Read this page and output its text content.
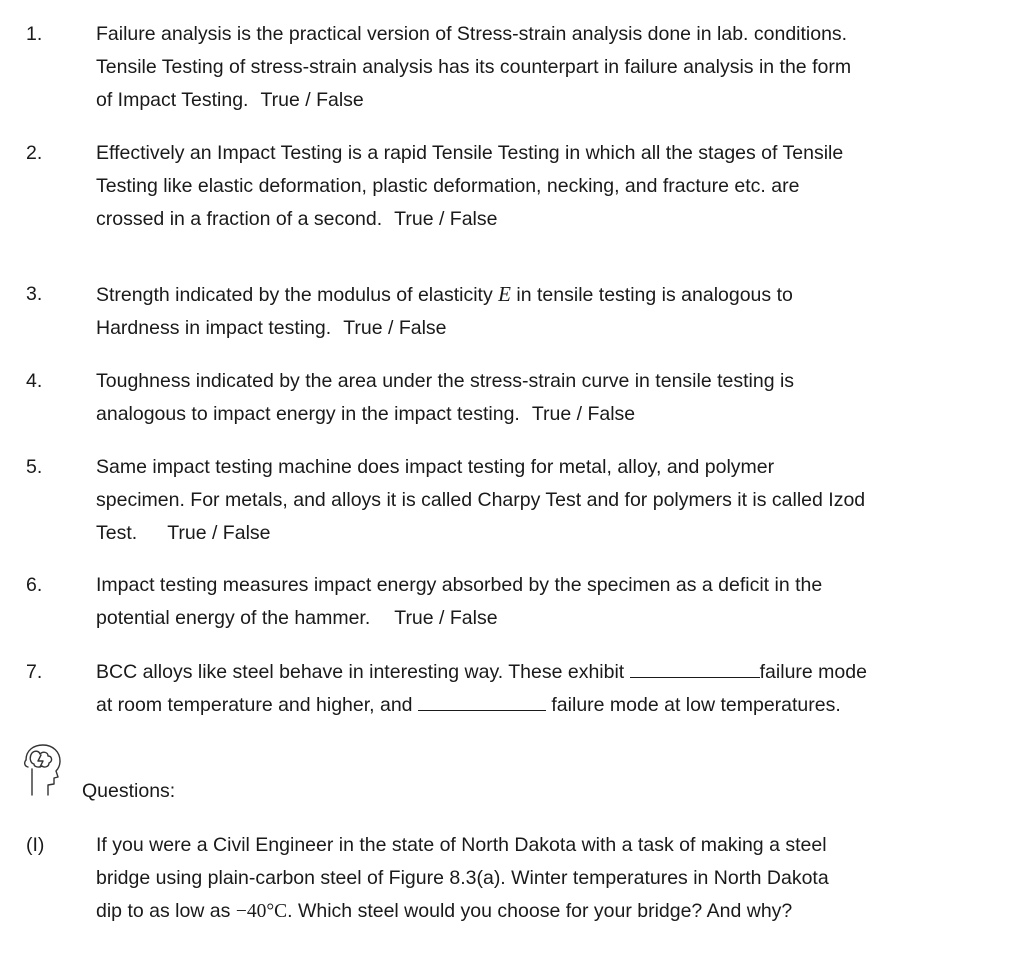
1.	Failure analysis is the practical version of Stress-strain analysis done in lab. conditions.
Tensile Testing of stress-strain analysis has its counterpart in failure analysis in the form
of Impact Testing. True / False
2.	Effectively an Impact Testing is a rapid Tensile Testing in which all the stages of Tensile
Testing like elastic deformation, plastic deformation, necking, and fracture etc. are
crossed in a fraction of a second. True / False
3.	Strength indicated by the modulus of elasticity E in tensile testing is analogous to
Hardness in impact testing. True / False
4.	Toughness indicated by the area under the stress-strain curve in tensile testing is
analogous to impact energy in the impact testing. True / False
5.	Same impact testing machine does impact testing for metal, alloy, and polymer
specimen. For metals, and alloys it is called Charpy Test and for polymers it is called Izod
Test. True / False
6.	Impact testing measures impact energy absorbed by the specimen as a deficit in the
potential energy of the hammer. True / False
7.	BCC alloys like steel behave in interesting way. These exhibit	failure mode
at room temperature and higher, and	failure mode at low temperatures.
Questions:
(I)	If you were a Civil Engineer in the state of North Dakota with a task of making a steel
bridge using plain-carbon steel of Figure 8.3(a). Winter temperatures in North Dakota
dip to as low as −40°C. Which steel would you choose for your bridge? And why?
